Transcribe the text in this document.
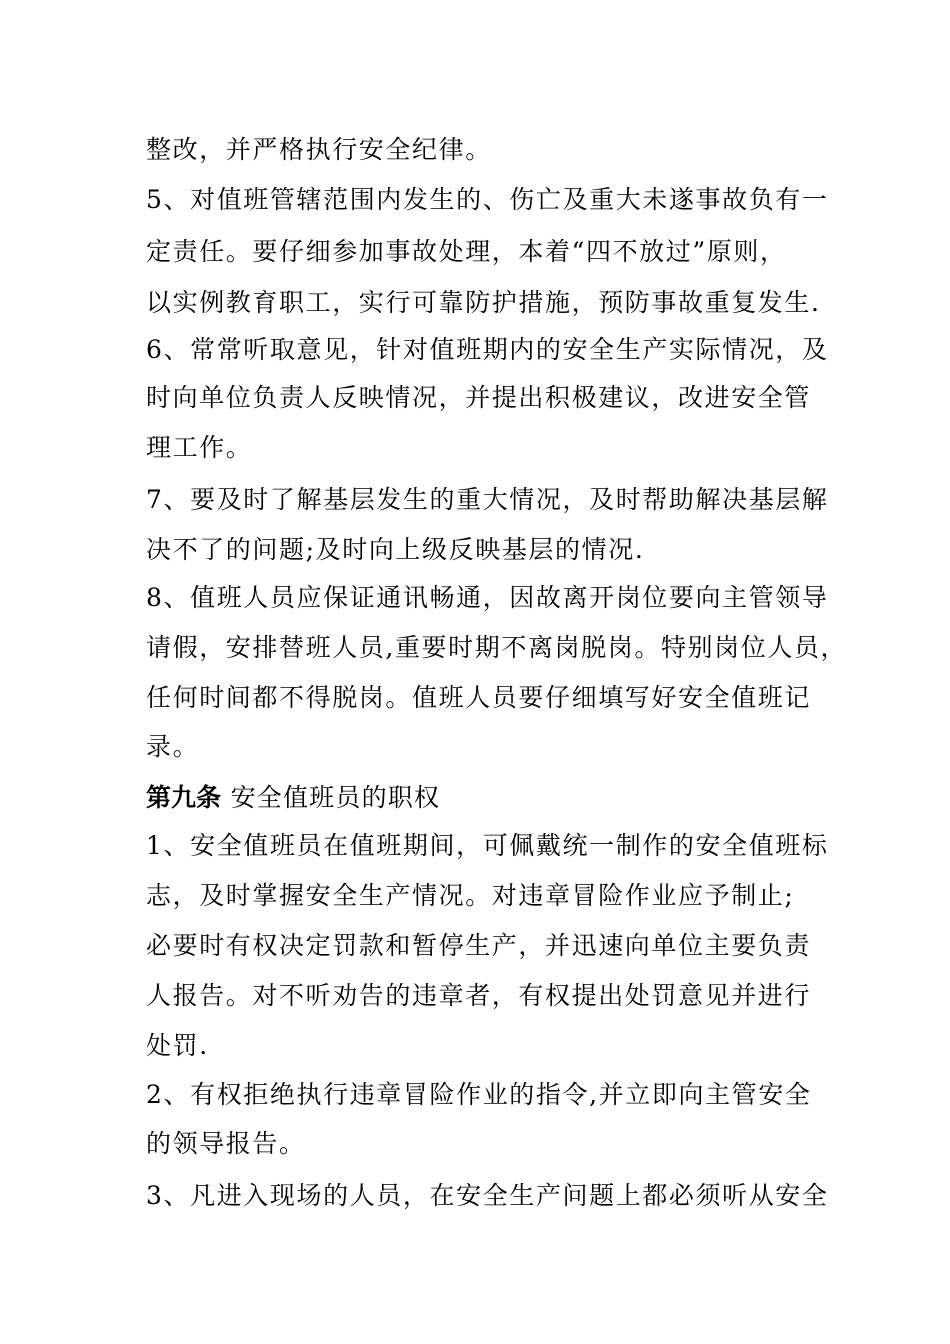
整改，并严格执行安全纪律。
5、对值班管辖范围内发生的、伤亡及重大未遂事故负有一
定责任。要仔细参加事故处理，本着“四不放过”原则，
以实例教育职工，实行可靠防护措施，预防事故重复发生.
6、常常听取意见，针对值班期内的安全生产实际情况，及
时向单位负责人反映情况，并提出积极建议，改进安全管
理工作。
7、要及时了解基层发生的重大情况，及时帮助解决基层解
决不了的问题;及时向上级反映基层的情况.
8、值班人员应保证通讯畅通，因故离开岗位要向主管领导
请假，安排替班人员,重要时期不离岗脱岗。特别岗位人员，
任何时间都不得脱岗。值班人员要仔细填写好安全值班记
录。
第九条 安全值班员的职权
1、安全值班员在值班期间，可佩戴统一制作的安全值班标
志，及时掌握安全生产情况。对违章冒险作业应予制止;
必要时有权决定罚款和暂停生产，并迅速向单位主要负责
人报告。对不听劝告的违章者，有权提出处罚意见并进行
处罚.
2、有权拒绝执行违章冒险作业的指令,并立即向主管安全
的领导报告。
3、凡进入现场的人员，在安全生产问题上都必须听从安全
